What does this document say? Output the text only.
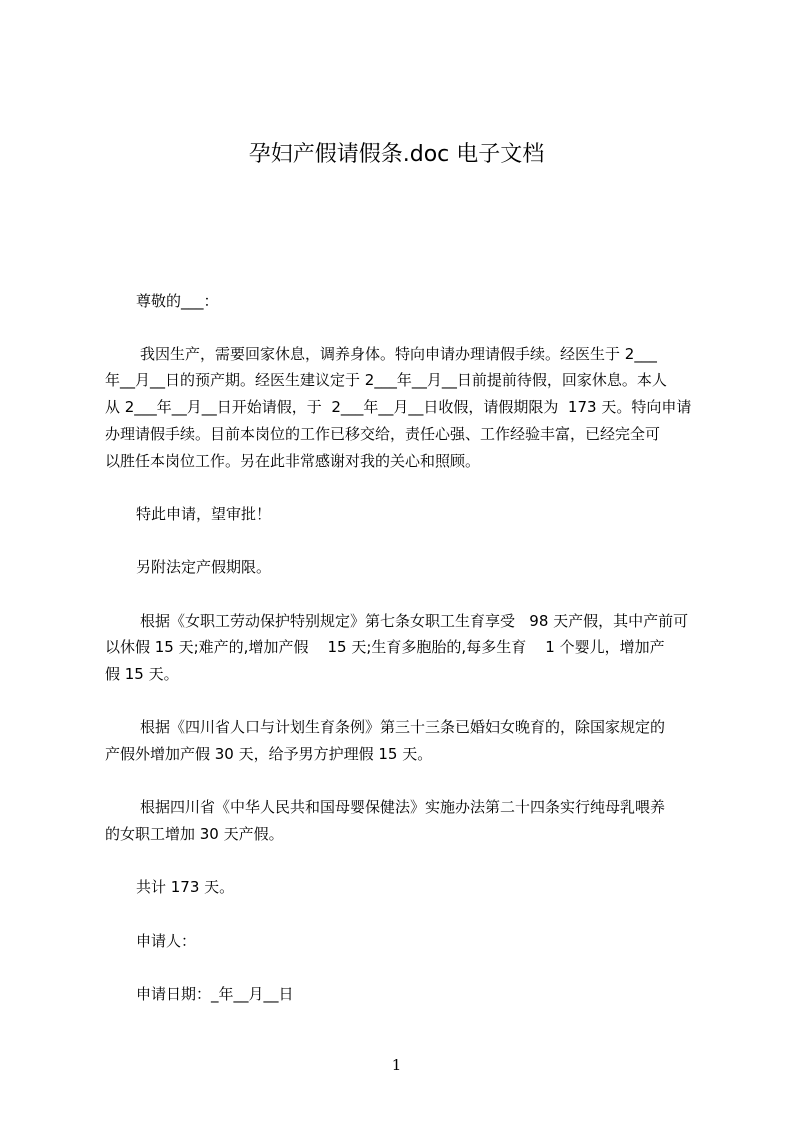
孕妇产假请假条.doc 电子文档
尊敬的___：
我因生产，需要回家休息，调养身体。特向申请办理请假手续。经医生于 2___
年__月__日的预产期。经医生建议定于 2___年__月__日前提前待假，回家休息。本人
从 2___年__月__日开始请假，于  2___年__月__日收假，请假期限为  173 天。特向申请
办理请假手续。目前本岗位的工作已移交给，责任心强、工作经验丰富，已经完全可
以胜任本岗位工作。另在此非常感谢对我的关心和照顾。
特此申请，望审批！
另附法定产假期限。
根据《女职工劳动保护特别规定》第七条女职工生育享受   98 天产假，其中产前可
以休假 15 天;难产的,增加产假    15 天;生育多胞胎的,每多生育    1 个婴儿，增加产
假 15 天。
根据《四川省人口与计划生育条例》第三十三条已婚妇女晚育的，除国家规定的
产假外增加产假 30 天，给予男方护理假 15 天。
根据四川省《中华人民共和国母婴保健法》实施办法第二十四条实行纯母乳喂养
的女职工增加 30 天产假。
共计 173 天。
申请人：
申请日期：_年__月__日
1
